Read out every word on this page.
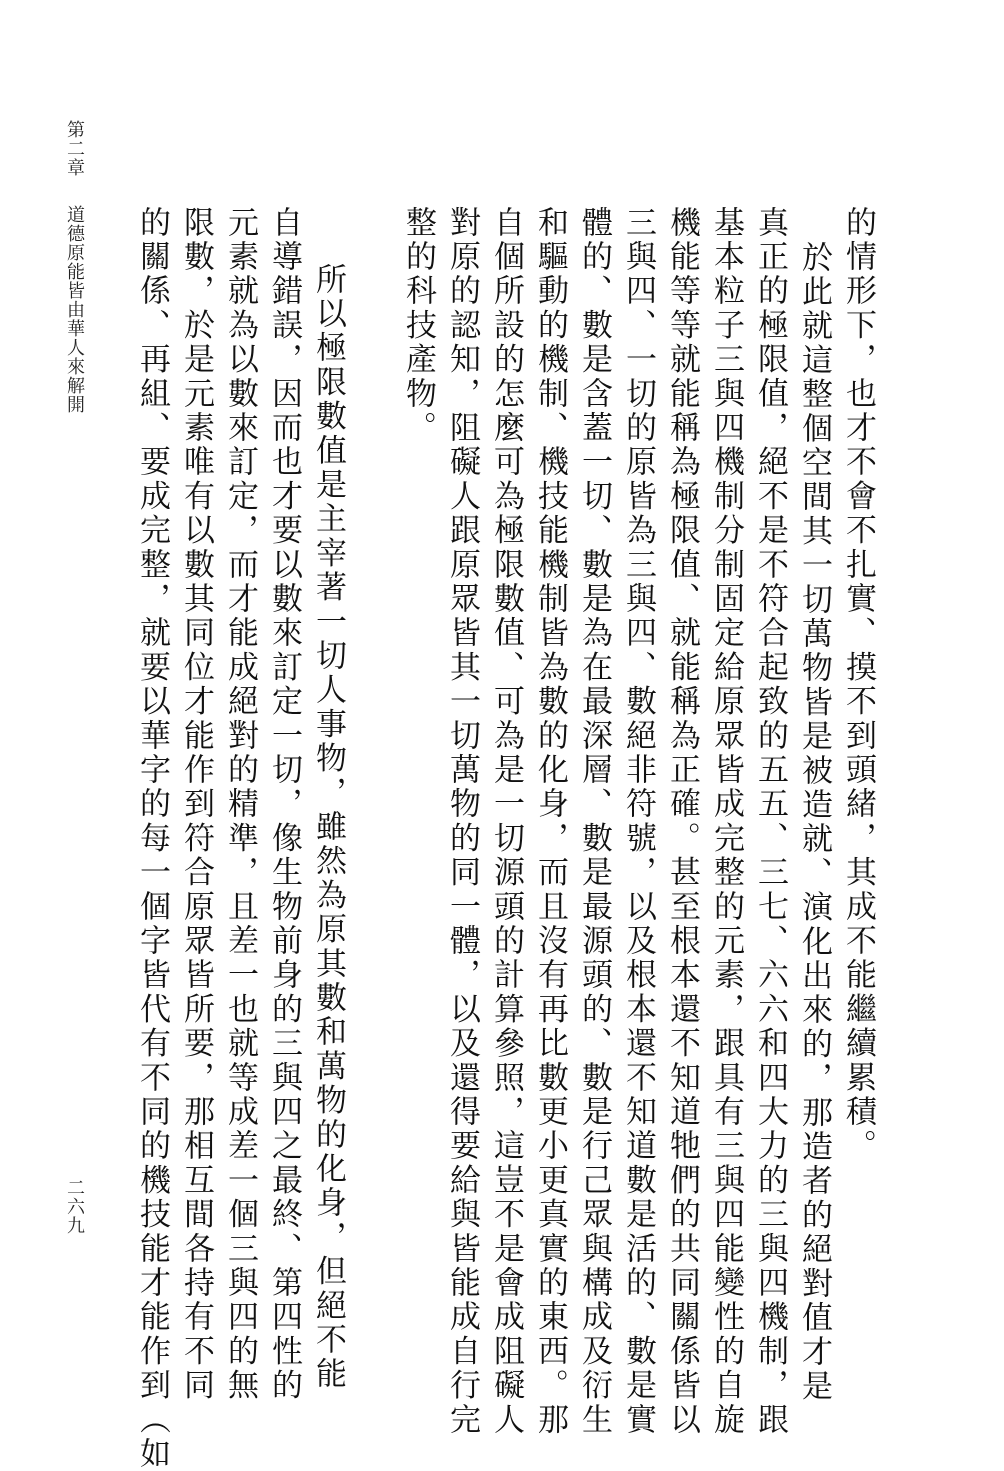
第二章
道德原能皆由華人來解開
二六九
的情形下，也才不會不扎實、摸不到頭緒，其成不能繼續累積。
於此就這整個空間其一切萬物皆是被造就、演化出來的，那造者的絕對值才是
真正的極限值，絕不是不符合起致的五五、三七、六六和四大力的三與四機制，跟
基本粒子三與四機制分制固定給原眾皆成完整的元素，跟具有三與四能變性的自旋
機能等等就能稱為極限值、就能稱為正確。甚至根本還不知道牠們的共同關係皆以
三與四、一切的原皆為三與四、數絕非符號，以及根本還不知道數是活的、數是實
體的、數是含蓋一切、數是為在最深層、數是最源頭的、數是行己眾與構成及衍生
和驅動的機制、機技能機制皆為數的化身，而且沒有再比數更小更真實的東西。那
自個所設的怎麼可為極限數值、可為是一切源頭的計算參照，這豈不是會成阻礙人
對原的認知，阻礙人跟原眾皆其一切萬物的同一體，以及還得要給與皆能成自行完
整的科技產物。
所以極限數值是主宰著一切人事物，雖然為原其數和萬物的化身，但絕不能
自導錯誤，因而也才要以數來訂定一切，像生物前身的三與四之最終、第四性的
元素就為以數來訂定，而才能成絕對的精準，且差一也就等成差一個三與四的無
限數，於是元素唯有以數其同位才能作到符合原眾皆所要，那相互間各持有不同
的關係、再組、要成完整，就要以華字的每一個字皆代有不同的機技能才能作到（如
